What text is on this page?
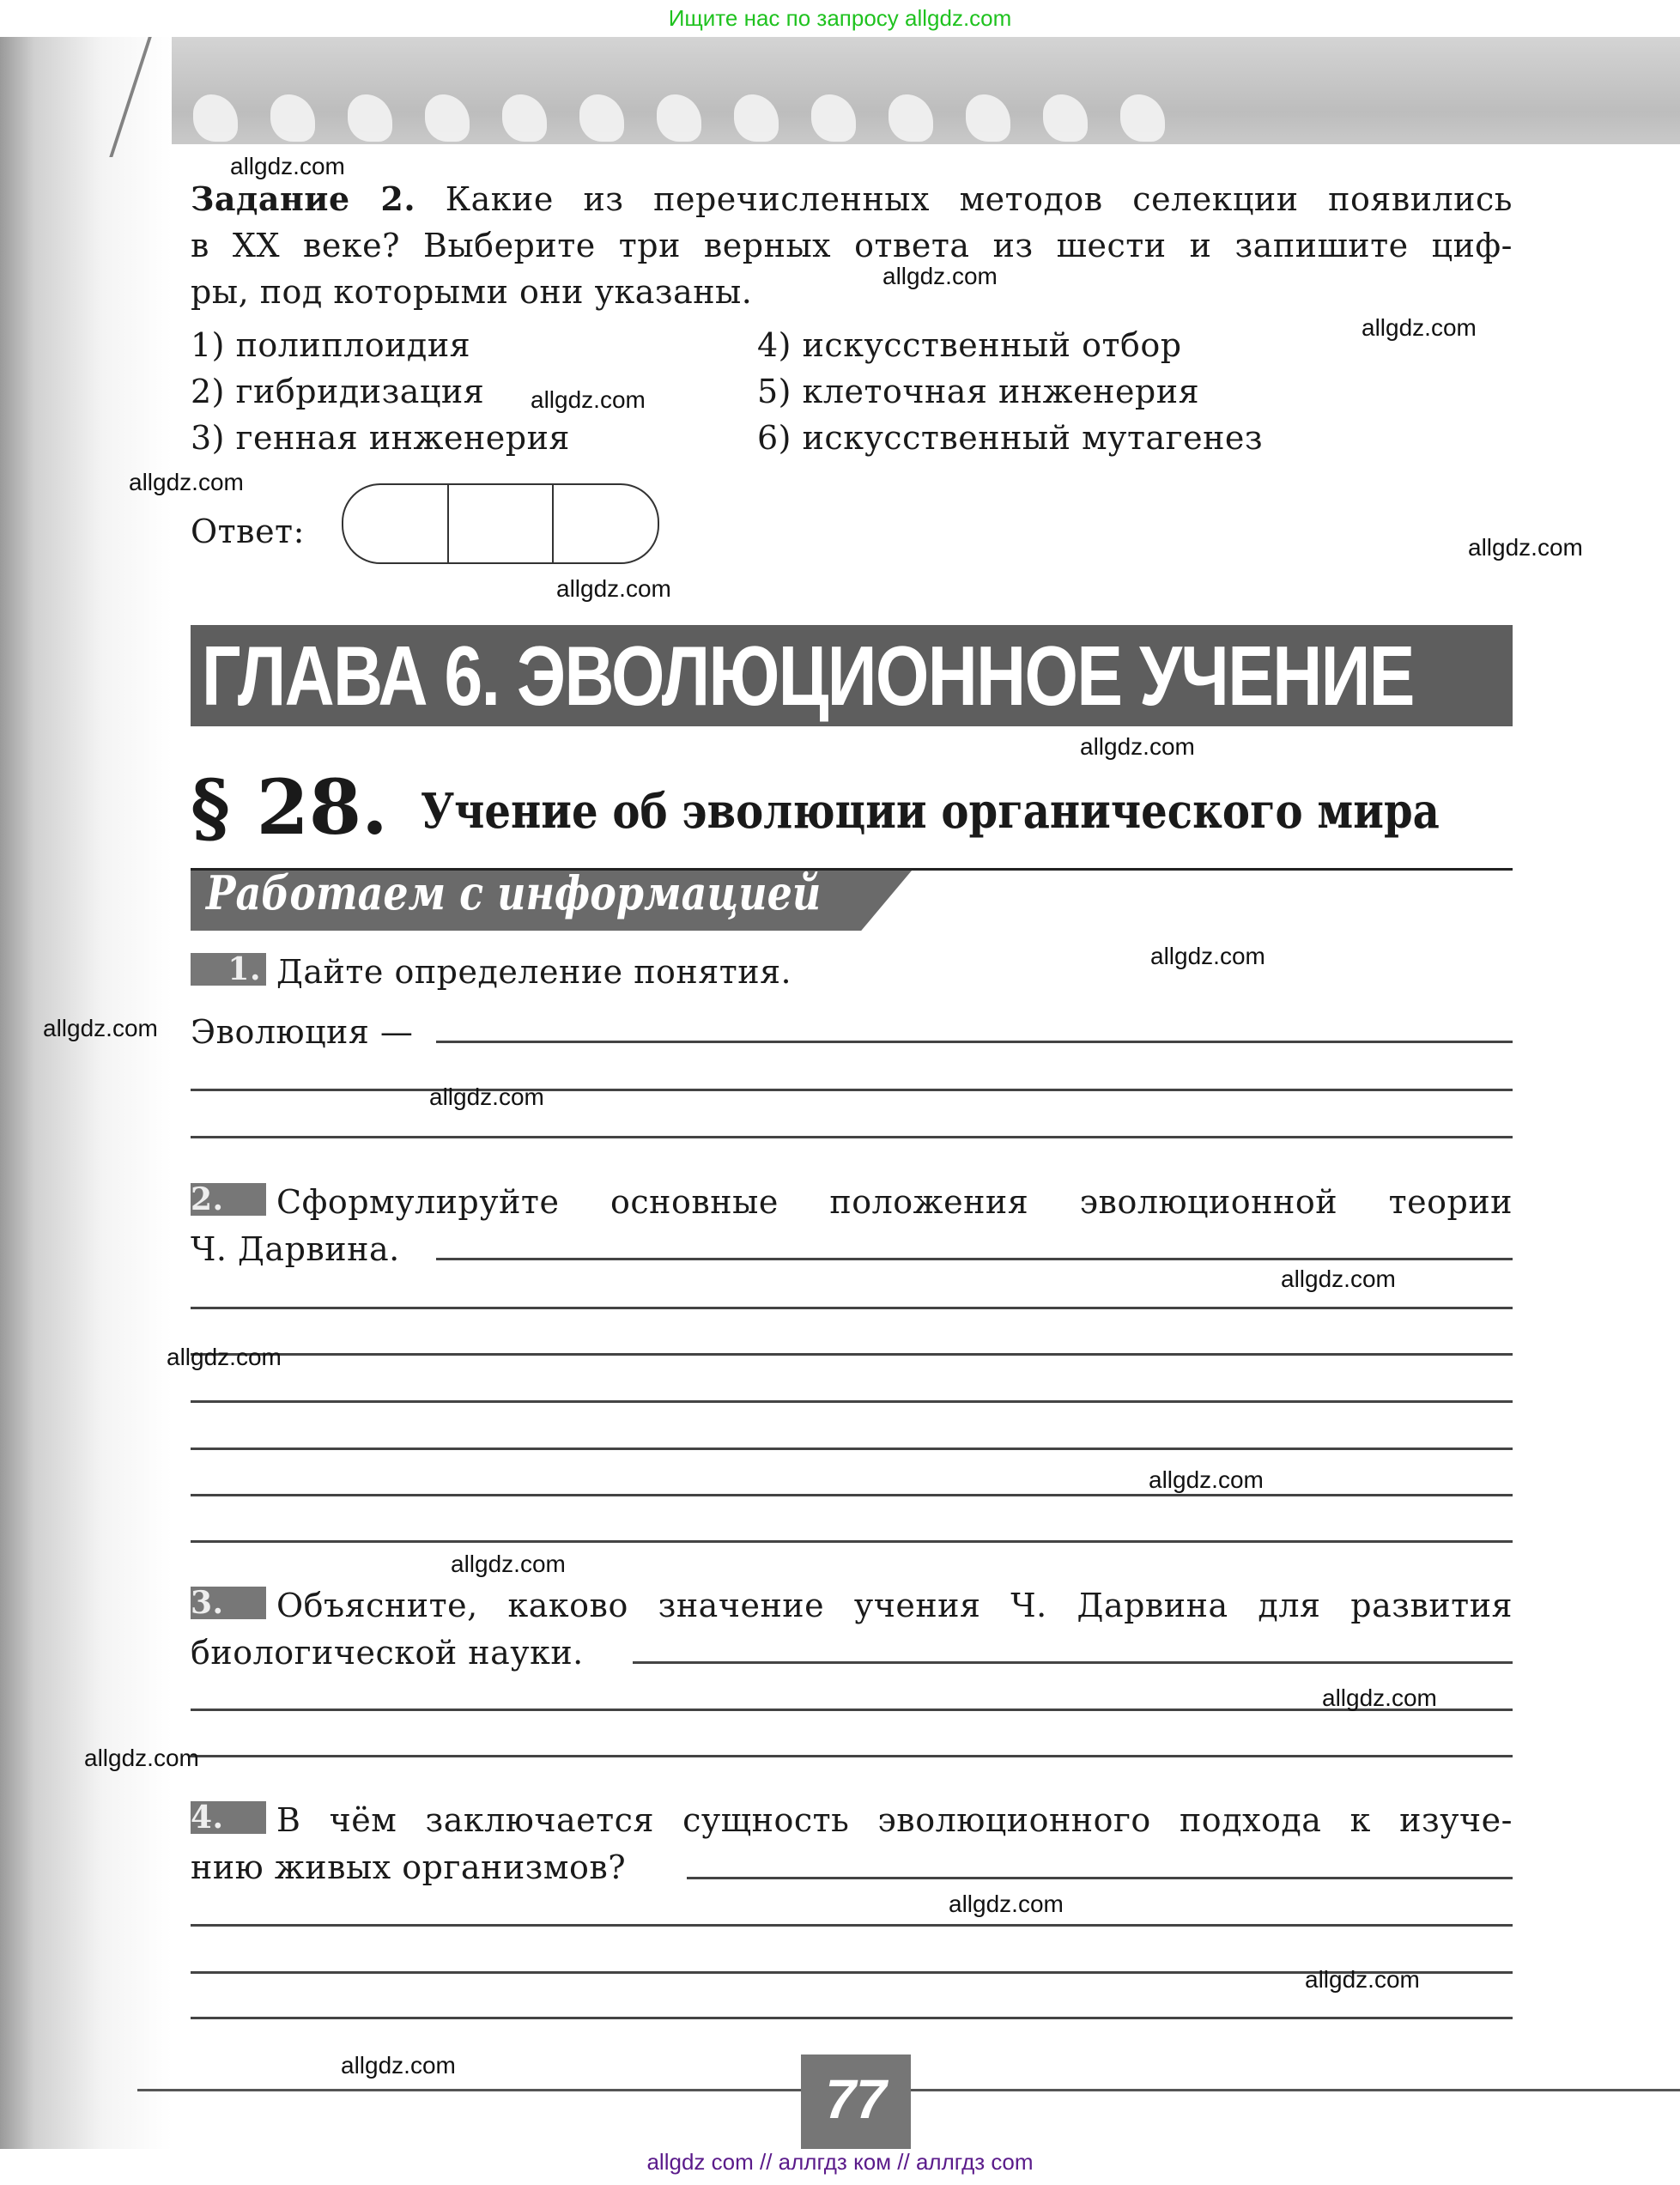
Ищите нас по запросу allgdz.com
Задание 2. Какие из перечисленных методов селекции появились
в XX веке? Выберите три верных ответа из шести и запишите циф-
ры, под которыми они указаны.
1) полиплоидия	4) искусственный отбор
2) гибридизация	5) клеточная инженерия
3) генная инженерия	6) искусственный мутагенез
Ответ:
ГЛАВА 6. ЭВОЛЮЦИОННОЕ УЧЕНИЕ
§ 28. Учение об эволюции органического мира
Работаем с информацией
1. Дайте определение понятия.
Эволюция —
2. Сформулируйте основные положения эволюционной теории
Ч. Дарвина.
3. Объясните, каково значение учения Ч. Дарвина для развития
биологической науки.
4. В чём заключается сущность эволюционного подхода к изуче-
нию живых организмов?
77
allgdz com // аллгдз ком // аллгдз com
allgdz.com
allgdz.com
allgdz.com
allgdz.com
allgdz.com
allgdz.com
allgdz.com
allgdz.com
allgdz.com
allgdz.com
allgdz.com
allgdz.com
allgdz.com
allgdz.com
allgdz.com
allgdz.com
allgdz.com
allgdz.com
allgdz.com
allgdz.com
